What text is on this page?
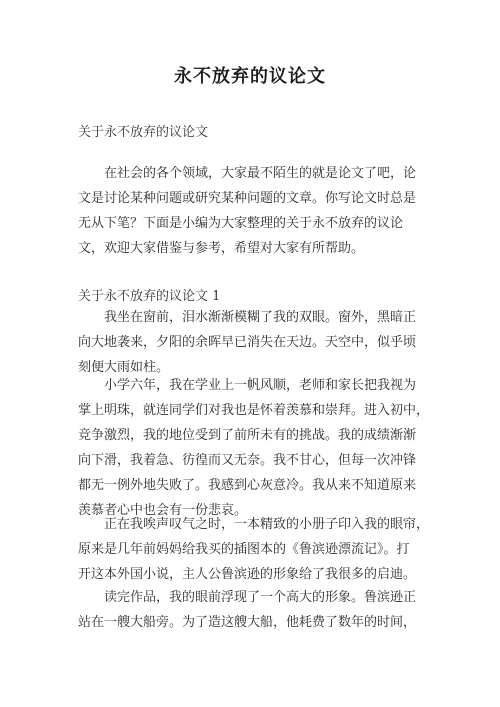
永不放弃的议论文
关于永不放弃的议论文
在社会的各个领域，大家最不陌生的就是论文了吧，论
文是讨论某种问题或研究某种问题的文章。你写论文时总是
无从下笔？下面是小编为大家整理的关于永不放弃的议论
文，欢迎大家借鉴与参考，希望对大家有所帮助。
关于永不放弃的议论文 1
我坐在窗前，泪水渐渐模糊了我的双眼。窗外，黑暗正
向大地袭来，夕阳的余晖早已消失在天边。天空中，似乎顷
刻便大雨如柱。
小学六年，我在学业上一帆风顺，老师和家长把我视为
掌上明珠，就连同学们对我也是怀着羡慕和崇拜。进入初中，
竞争激烈，我的地位受到了前所未有的挑战。我的成绩渐渐
向下滑，我着急、彷徨而又无奈。我不甘心，但每一次冲锋
都无一例外地失败了。我感到心灰意冷。我从来不知道原来
羡慕者心中也会有一份悲哀。
正在我唉声叹气之时，一本精致的小册子印入我的眼帘，
原来是几年前妈妈给我买的插图本的《鲁滨逊漂流记》。打
开这本外国小说，主人公鲁滨逊的形象给了我很多的启迪。
读完作品，我的眼前浮现了一个高大的形象。鲁滨逊正
站在一艘大船旁。为了造这艘大船，他耗费了数年的时间，
